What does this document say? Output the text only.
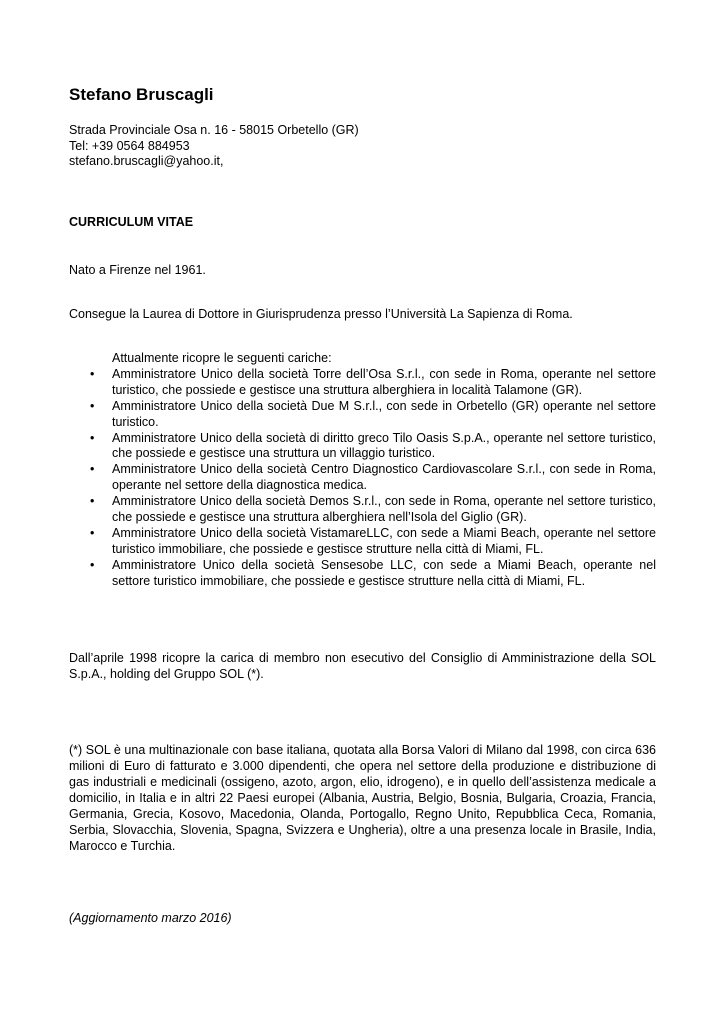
Stefano Bruscagli
Strada Provinciale Osa n. 16 - 58015 Orbetello (GR)
Tel: +39 0564 884953
stefano.bruscagli@yahoo.it,
CURRICULUM VITAE
Nato a Firenze nel 1961.
Consegue la Laurea di Dottore in Giurisprudenza presso l’Università La Sapienza di Roma.
Attualmente ricopre le seguenti cariche:
• Amministratore Unico della società Torre dell’Osa S.r.l., con sede in Roma, operante nel settore turistico, che possiede e gestisce una struttura alberghiera in località Talamone (GR).
• Amministratore Unico della società Due M S.r.l., con sede in Orbetello (GR) operante nel settore turistico.
• Amministratore Unico della società di diritto greco Tilo Oasis S.p.A., operante nel settore turistico, che possiede e gestisce una struttura un villaggio turistico.
• Amministratore Unico della società Centro Diagnostico Cardiovascolare S.r.l., con sede in Roma, operante nel settore della diagnostica medica.
• Amministratore Unico della società Demos S.r.l., con sede in Roma, operante nel settore turistico, che possiede e gestisce una struttura alberghiera nell’Isola del Giglio (GR).
• Amministratore Unico della società VistamareLLC, con sede a Miami Beach, operante nel settore turistico immobiliare, che possiede e gestisce strutture nella città di Miami, FL.
• Amministratore Unico della società Sensesobe LLC, con sede a Miami Beach, operante nel settore turistico immobiliare, che possiede e gestisce strutture nella città di Miami, FL.
Dall’aprile 1998 ricopre la carica di membro non esecutivo del Consiglio di Amministrazione della SOL S.p.A., holding del Gruppo SOL (*).
(*) SOL è una multinazionale con base italiana, quotata alla Borsa Valori di Milano dal 1998, con circa 636 milioni di Euro di fatturato e 3.000 dipendenti, che opera nel settore della produzione e distribuzione di gas industriali e medicinali (ossigeno, azoto, argon, elio, idrogeno), e in quello dell’assistenza medicale a domicilio, in Italia e in altri 22 Paesi europei (Albania, Austria, Belgio, Bosnia, Bulgaria, Croazia, Francia, Germania, Grecia, Kosovo, Macedonia, Olanda, Portogallo, Regno Unito, Repubblica Ceca, Romania, Serbia, Slovacchia, Slovenia, Spagna, Svizzera e Ungheria), oltre a una presenza locale in Brasile, India, Marocco e Turchia.
(Aggiornamento marzo 2016)
